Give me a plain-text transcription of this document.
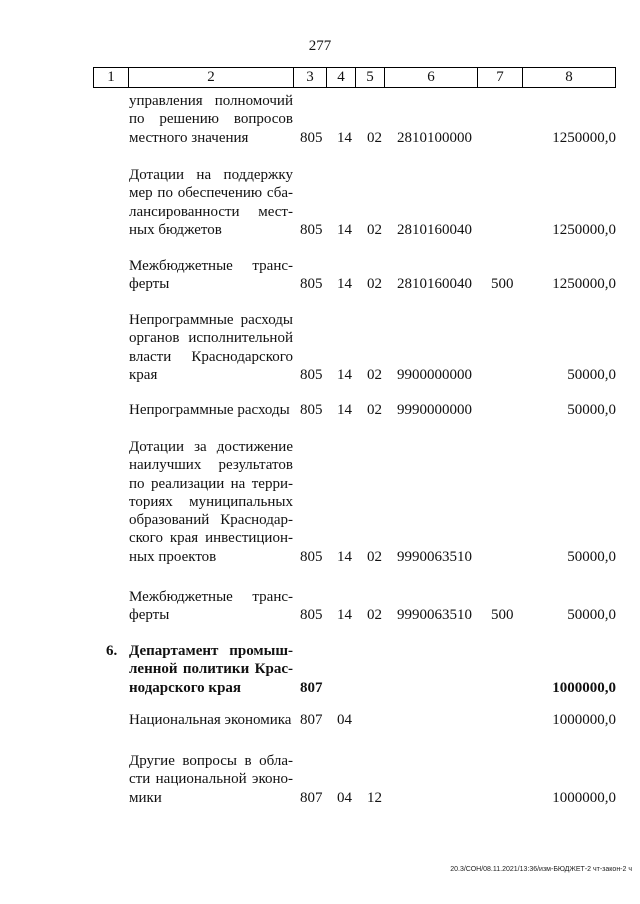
277
1	2	3	4	5	6	7	8
управления полномочий
по решению вопросов
местного значения	805 14 02 2810100000	1250000,0
Дотации на поддержку
мер по обеспечению сба-
лансированности мест-
ных бюджетов	805 14 02 2810160040	1250000,0
Межбюджетные транс-
ферты	805 14 02 2810160040 500	1250000,0
Непрограммные расходы
органов исполнительной
власти Краснодарского
края	805 14 02 9900000000	50000,0
Непрограммные расходы 805 14 02 9990000000	50000,0
Дотации за достижение
наилучших результатов
по реализации на терри-
ториях муниципальных
образований Краснодар-
ского края инвестицион-
ных проектов	805 14 02 9990063510	50000,0
Межбюджетные транс-
ферты	805 14 02 9990063510 500	50000,0
6. Департамент промыш-
ленной политики Крас-
нодарского края	807	1000000,0
Национальная экономика 807 04	1000000,0
Другие вопросы в обла-
сти национальной эконо-
мики	807 04 12	1000000,0
20.3/СОН/08.11.2021/13:36/изм-БЮДЖЕТ-2 чт-закон-2 ч
